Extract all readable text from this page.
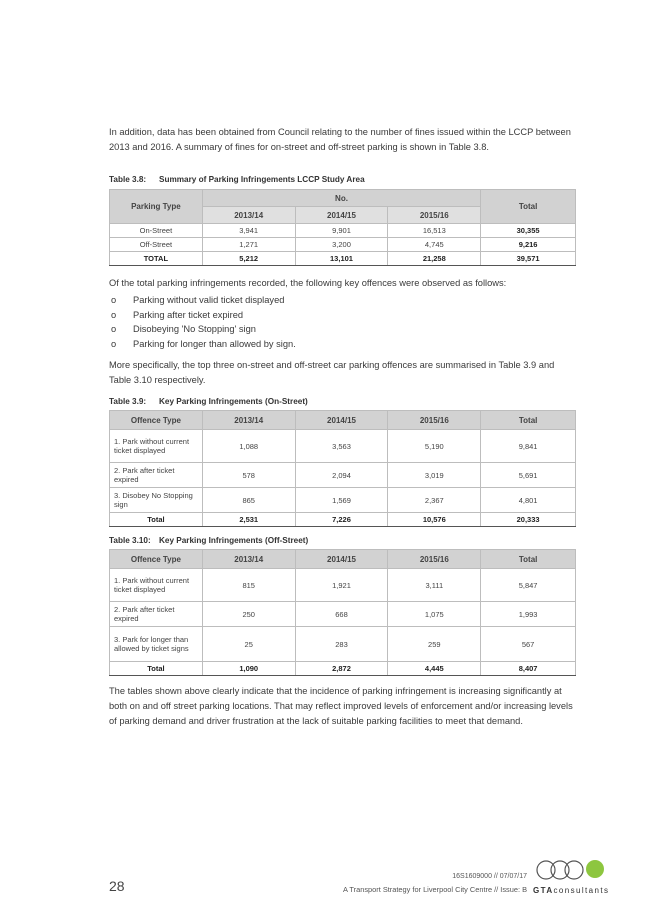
In addition, data has been obtained from Council relating to the number of fines issued within the LCCP between 2013 and 2016. A summary of fines for on-street and off-street parking is shown in Table 3.8.

Table 3.8: Summary of Parking Infringements LCCP Study Area
Parking Type	No.			Total
	2013/14	2014/15	2015/16	
On-Street	3,941	9,901	16,513	30,355
Off-Street	1,271	3,200	4,745	9,216
TOTAL	5,212	13,101	21,258	39,571

Of the total parking infringements recorded, the following key offences were observed as follows:

o Parking without valid ticket displayed
o Parking after ticket expired
o Disobeying 'No Stopping' sign
o Parking for longer than allowed by sign.

More specifically, the top three on-street and off-street car parking offences are summarised in Table 3.9 and Table 3.10 respectively.

Table 3.9: Key Parking Infringements (On-Street)
Offence Type	2013/14	2014/15	2015/16	Total
1. Park without current ticket displayed	1,088	3,563	5,190	9,841
2. Park after ticket expired	578	2,094	3,019	5,691
3. Disobey No Stopping sign	865	1,569	2,367	4,801
Total	2,531	7,226	10,576	20,333
Table 3.10: Key Parking Infringements (Off-Street)
Offence Type	2013/14	2014/15	2015/16	Total
1. Park without current ticket displayed	815	1,921	3,111	5,847
2. Park after ticket expired	250	668	1,075	1,993
3. Park for longer than allowed by ticket signs	25	283	259	567
Total	1,090	2,872	4,445	8,407

The tables shown above clearly indicate that the incidence of parking infringement is increasing significantly at both on and off street parking locations. That may reflect improved levels of enforcement and/or increasing levels of parking demand and driver frustration at the lack of suitable parking facilities to meet that demand.

28
16S1609000 // 07/07/17
A Transport Strategy for Liverpool City Centre // Issue: B GTAconsultants
